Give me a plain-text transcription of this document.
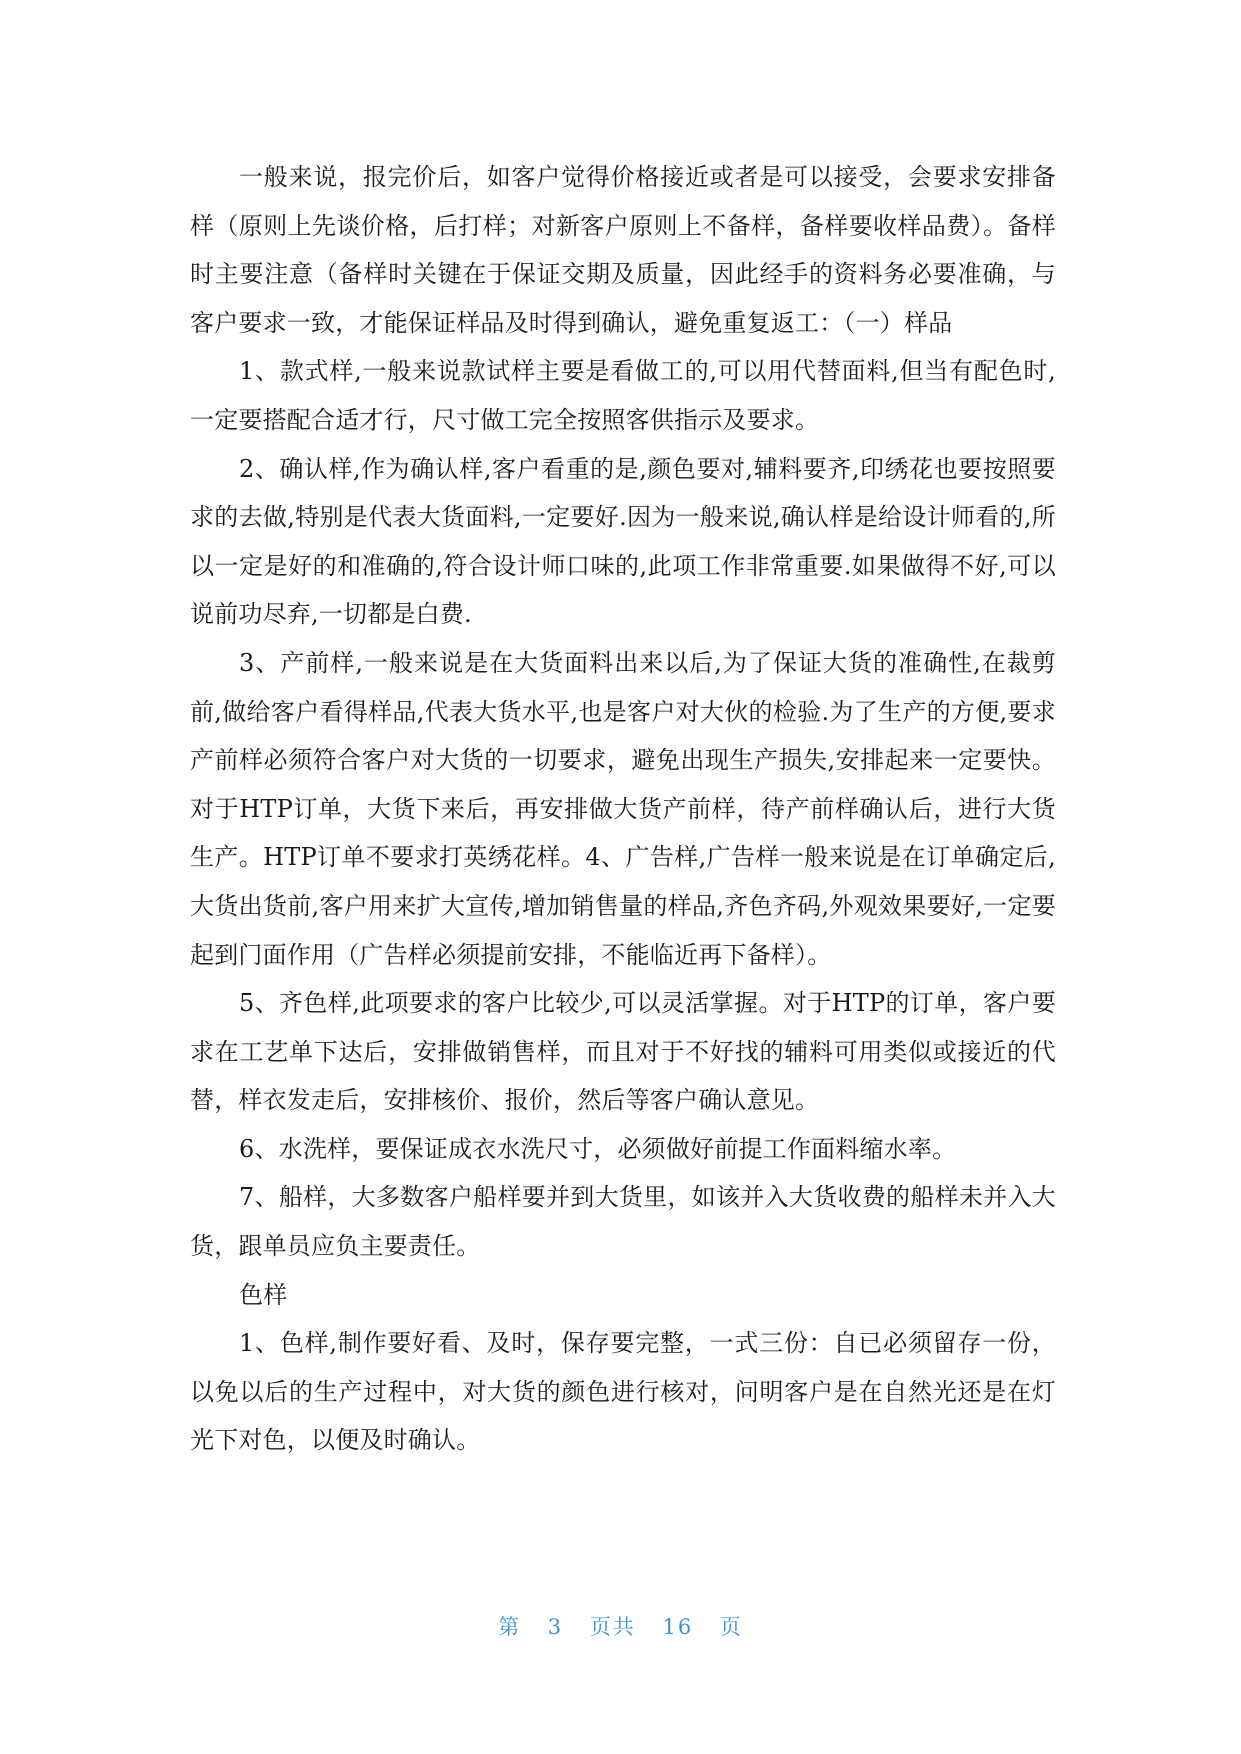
一般来说，报完价后，如客户觉得价格接近或者是可以接受，会要求安排备样（原则上先谈价格，后打样；对新客户原则上不备样，备样要收样品费）。备样时主要注意（备样时关键在于保证交期及质量，因此经手的资料务必要准确，与客户要求一致，才能保证样品及时得到确认，避免重复返工：（一）样品

1、款式样,一般来说款试样主要是看做工的,可以用代替面料,但当有配色时,一定要搭配合适才行，尺寸做工完全按照客供指示及要求。

2、确认样,作为确认样,客户看重的是,颜色要对,辅料要齐,印绣花也要按照要求的去做,特别是代表大货面料,一定要好.因为一般来说,确认样是给设计师看的,所以一定是好的和准确的,符合设计师口味的,此项工作非常重要.如果做得不好,可以说前功尽弃,一切都是白费.

3、产前样,一般来说是在大货面料出来以后,为了保证大货的准确性,在裁剪前,做给客户看得样品,代表大货水平,也是客户对大伙的检验.为了生产的方便,要求产前样必须符合客户对大货的一切要求，避免出现生产损失,安排起来一定要快。对于HTP订单，大货下来后，再安排做大货产前样，待产前样确认后，进行大货生产。HTP订单不要求打英绣花样。4、广告样,广告样一般来说是在订单确定后,大货出货前,客户用来扩大宣传,增加销售量的样品,齐色齐码,外观效果要好,一定要起到门面作用（广告样必须提前安排，不能临近再下备样）。

5、齐色样,此项要求的客户比较少,可以灵活掌握。对于HTP的订单，客户要求在工艺单下达后，安排做销售样，而且对于不好找的辅料可用类似或接近的代替，样衣发走后，安排核价、报价，然后等客户确认意见。

6、水洗样，要保证成衣水洗尺寸，必须做好前提工作面料缩水率。

7、船样，大多数客户船样要并到大货里，如该并入大货收费的船样未并入大货，跟单员应负主要责任。

色样

1、色样,制作要好看、及时，保存要完整，一式三份：自已必须留存一份，以免以后的生产过程中，对大货的颜色进行核对，问明客户是在自然光还是在灯光下对色，以便及时确认。

第 3 页共 16 页
